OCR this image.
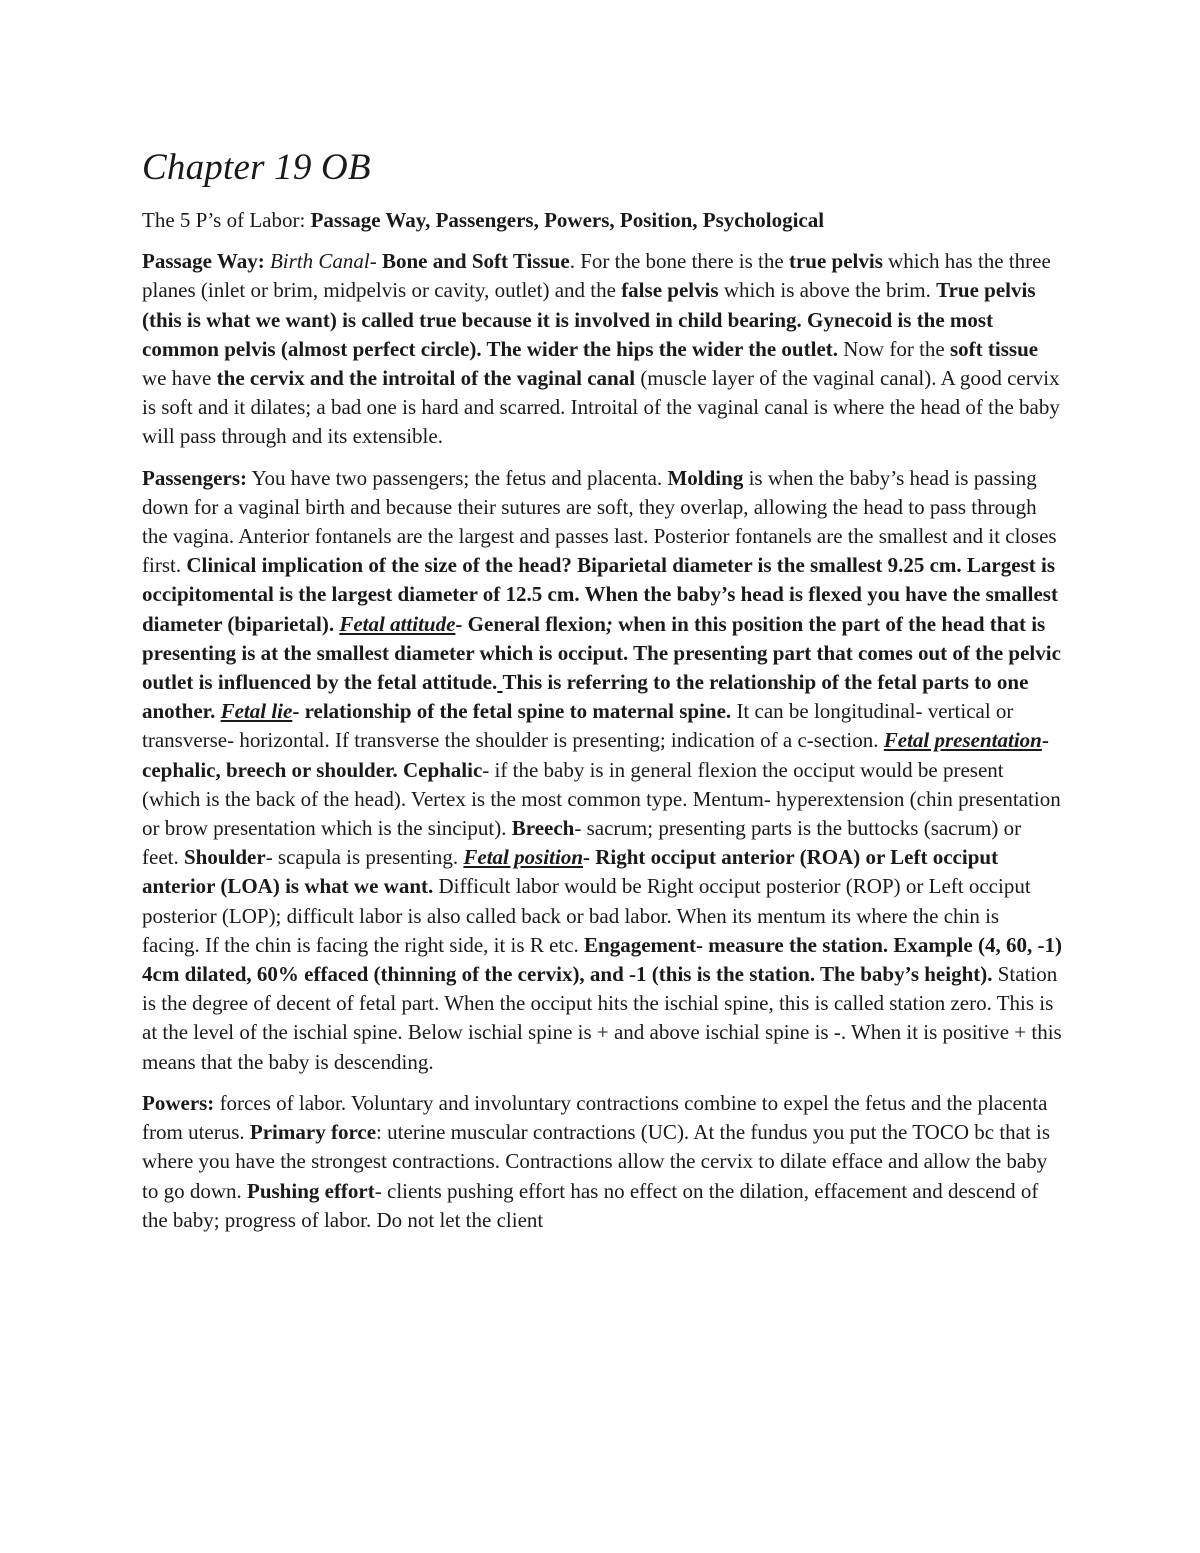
Chapter 19 OB

The 5 P’s of Labor: Passage Way, Passengers, Powers, Position, Psychological

Passage Way: Birth Canal- Bone and Soft Tissue. For the bone there is the true pelvis which has the three planes (inlet or brim, midpelvis or cavity, outlet) and the false pelvis which is above the brim. True pelvis (this is what we want) is called true because it is involved in child bearing. Gynecoid is the most common pelvis (almost perfect circle). The wider the hips the wider the outlet. Now for the soft tissue we have the cervix and the introital of the vaginal canal (muscle layer of the vaginal canal). A good cervix is soft and it dilates; a bad one is hard and scarred. Introital of the vaginal canal is where the head of the baby will pass through and its extensible.

Passengers: You have two passengers; the fetus and placenta. Molding is when the baby’s head is passing down for a vaginal birth and because their sutures are soft, they overlap, allowing the head to pass through the vagina. Anterior fontanels are the largest and passes last. Posterior fontanels are the smallest and it closes first. Clinical implication of the size of the head? Biparietal diameter is the smallest 9.25 cm. Largest is occipitomental is the largest diameter of 12.5 cm. When the baby’s head is flexed you have the smallest diameter (biparietal). Fetal attitude- General flexion; when in this position the part of the head that is presenting is at the smallest diameter which is occiput. The presenting part that comes out of the pelvic outlet is influenced by the fetal attitude. This is referring to the relationship of the fetal parts to one another. Fetal lie- relationship of the fetal spine to maternal spine. It can be longitudinal- vertical or transverse- horizontal. If transverse the shoulder is presenting; indication of a c-section. Fetal presentation- cephalic, breech or shoulder. Cephalic- if the baby is in general flexion the occiput would be present (which is the back of the head). Vertex is the most common type. Mentum- hyperextension (chin presentation or brow presentation which is the sinciput). Breech- sacrum; presenting parts is the buttocks (sacrum) or feet. Shoulder- scapula is presenting. Fetal position- Right occiput anterior (ROA) or Left occiput anterior (LOA) is what we want. Difficult labor would be Right occiput posterior (ROP) or Left occiput posterior (LOP); difficult labor is also called back or bad labor. When its mentum its where the chin is facing. If the chin is facing the right side, it is R etc. Engagement- measure the station. Example (4, 60, -1) 4cm dilated, 60% effaced (thinning of the cervix), and -1 (this is the station. The baby’s height). Station is the degree of decent of fetal part. When the occiput hits the ischial spine, this is called station zero. This is at the level of the ischial spine. Below ischial spine is + and above ischial spine is -. When it is positive + this means that the baby is descending.

Powers: forces of labor. Voluntary and involuntary contractions combine to expel the fetus and the placenta from uterus. Primary force: uterine muscular contractions (UC). At the fundus you put the TOCO bc that is where you have the strongest contractions. Contractions allow the cervix to dilate efface and allow the baby to go down. Pushing effort- clients pushing effort has no effect on the dilation, effacement and descend of the baby; progress of labor. Do not let the client
